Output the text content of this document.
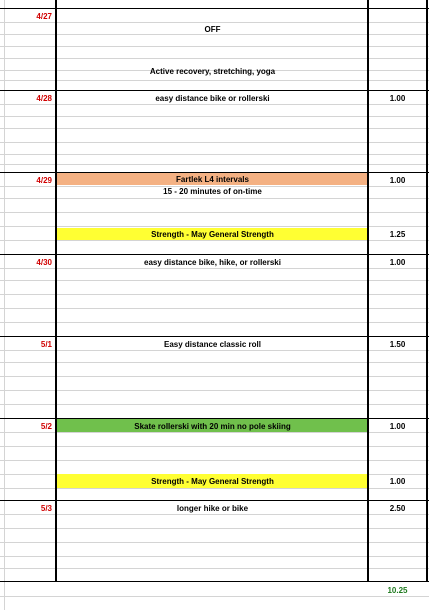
4/27
4/28
4/29
4/30
5/1
5/2
5/3
OFF
Active recovery, stretching, yoga
easy distance bike or rollerski
Fartlek L4 intervals
15 - 20 minutes of on-time
Strength - May General Strength
easy distance bike, hike, or rollerski
Easy distance classic roll
Skate rollerski with 20 min no pole skiing
Strength - May General Strength
longer hike or bike
1.00
1.00
1.25
1.00
1.50
1.00
1.00
2.50
10.25
